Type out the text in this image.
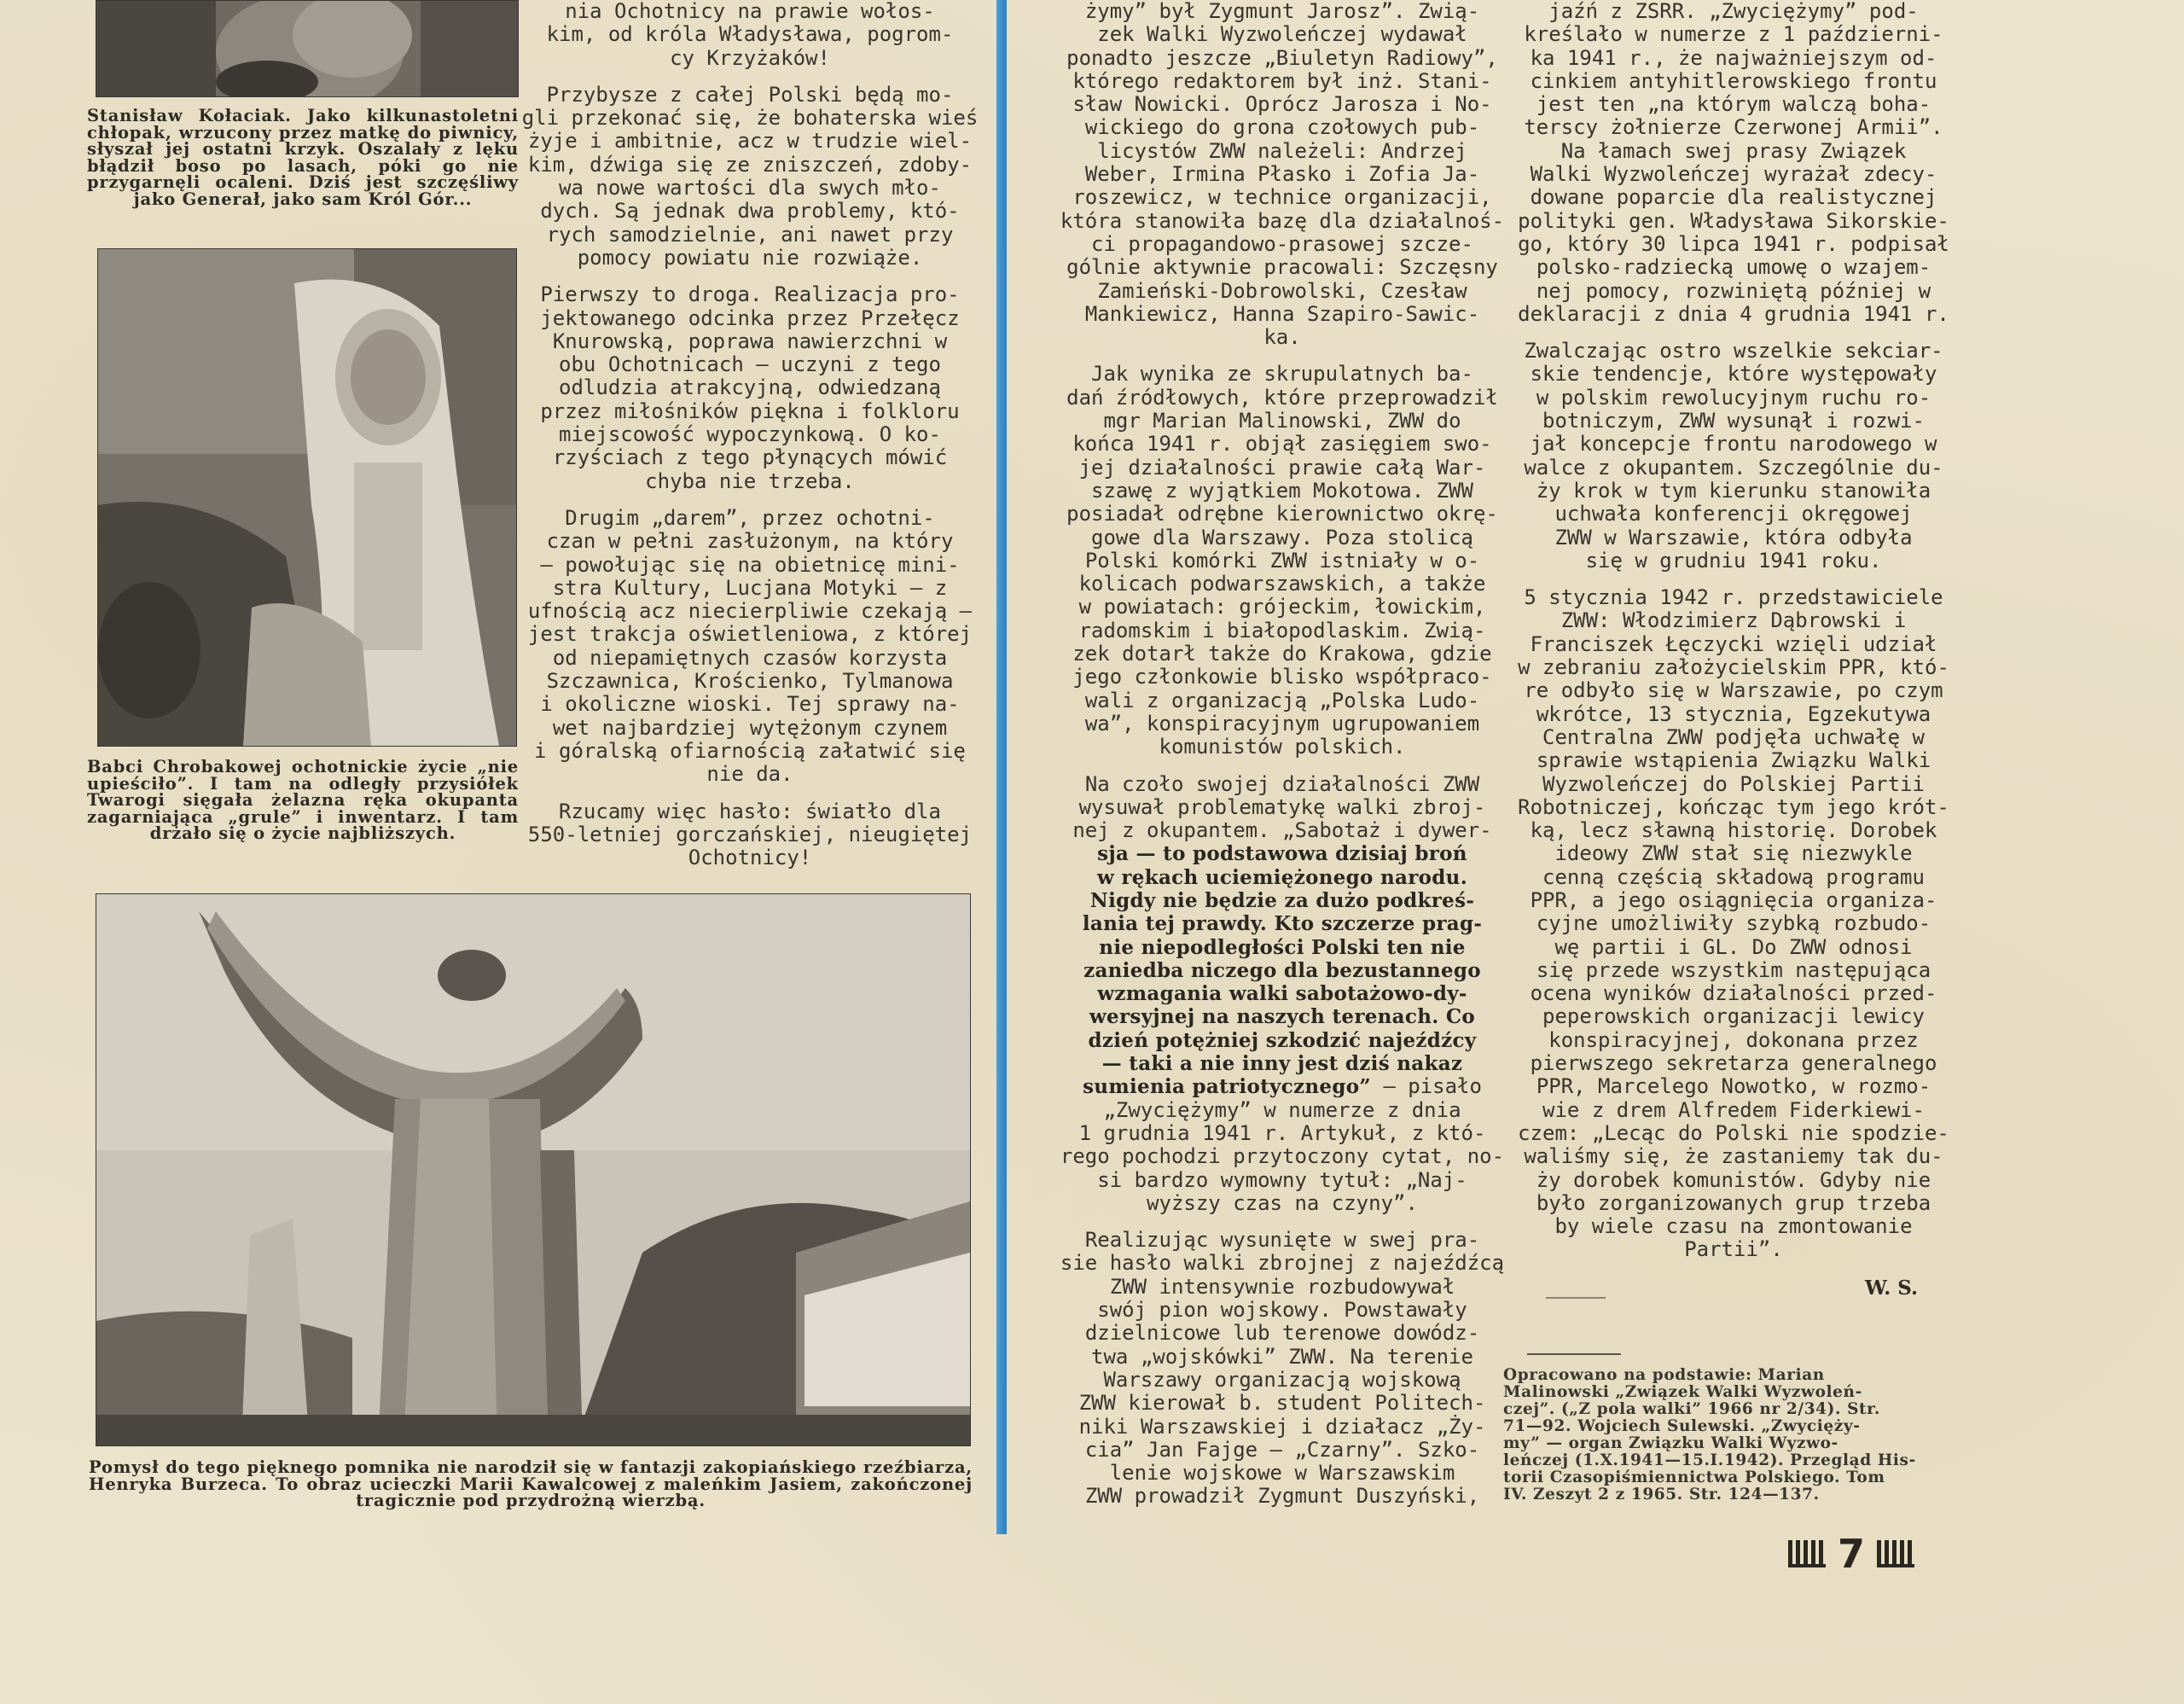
Stanisław Kołaciak. Jako kilkunastoletni chłopak, wrzucony przez matkę do piwnicy, słyszał jej ostatni krzyk. Oszalały z lęku błądził boso po lasach, póki go nie przygarnęli ocaleni. Dziś jest szczęśliwy jako Generał, jako sam Król Gór...
Babci Chrobakowej ochotnickie życie „nie upieściło”. I tam na odległy przysiółek Twarogi sięgała żelazna ręka okupanta zagarniająca „grule” i inwentarz. I tam drżało się o życie najbliższych.
Pomysł do tego pięknego pomnika nie narodził się w fantazji zakopiańskiego rzeźbiarza, Henryka Burzeca. To obraz ucieczki Marii Kawalcowej z maleńkim Jasiem, zakończonej tragicznie pod przydrożną wierzbą.

nia Ochotnicy na prawie wołos-
kim, od króla Władysława, pogrom-
cy Krzyżaków!

Przybysze z całej Polski będą mo-
gli przekonać się, że bohaterska wieś
żyje i ambitnie, acz w trudzie wiel-
kim, dźwiga się ze zniszczeń, zdoby-
wa nowe wartości dla swych mło-
dych. Są jednak dwa problemy, któ-
rych samodzielnie, ani nawet przy
pomocy powiatu nie rozwiąże.

Pierwszy to droga. Realizacja pro-
jektowanego odcinka przez Przełęcz
Knurowską, poprawa nawierzchni w
obu Ochotnicach — uczyni z tego
odludzia atrakcyjną, odwiedzaną
przez miłośników piękna i folkloru
miejscowość wypoczynkową. O ko-
rzyściach z tego płynących mówić
chyba nie trzeba.

Drugim „darem”, przez ochotni-
czan w pełni zasłużonym, na który
— powołując się na obietnicę mini-
stra Kultury, Lucjana Motyki — z
ufnością acz niecierpliwie czekają —
jest trakcja oświetleniowa, z której
od niepamiętnych czasów korzysta
Szczawnica, Krościenko, Tylmanowa
i okoliczne wioski. Tej sprawy na-
wet najbardziej wytężonym czynem
i góralską ofiarnością załatwić się
nie da.

Rzucamy więc hasło: światło dla
550-letniej gorczańskiej, nieugiętej
Ochotnicy!

żymy” był Zygmunt Jarosz”. Zwią-
zek Walki Wyzwoleńczej wydawał
ponadto jeszcze „Biuletyn Radiowy”,
którego redaktorem był inż. Stani-
sław Nowicki. Oprócz Jarosza i No-
wickiego do grona czołowych pub-
licystów ZWW należeli: Andrzej
Weber, Irmina Płasko i Zofia Ja-
roszewicz, w technice organizacji,
która stanowiła bazę dla działalnoś-
ci propagandowo-prasowej szcze-
gólnie aktywnie pracowali: Szczęsny
Zamieński-Dobrowolski, Czesław
Mankiewicz, Hanna Szapiro-Sawic-
ka.
Jak wynika ze skrupulatnych ba-
dań źródłowych, które przeprowadził
mgr Marian Malinowski, ZWW do
końca 1941 r. objął zasięgiem swo-
jej działalności prawie całą War-
szawę z wyjątkiem Mokotowa. ZWW
posiadał odrębne kierownictwo okrę-
gowe dla Warszawy. Poza stolicą
Polski komórki ZWW istniały w o-
kolicach podwarszawskich, a także
w powiatach: grójeckim, łowickim,
radomskim i białopodlaskim. Zwią-
zek dotarł także do Krakowa, gdzie
jego członkowie blisko współpraco-
wali z organizacją „Polska Ludo-
wa”, konspiracyjnym ugrupowaniem
komunistów polskich.
Na czoło swojej działalności ZWW
wysuwał problematykę walki zbroj-
nej z okupantem. „Sabotaż i dywer-
sja — to podstawowa dzisiaj broń
w rękach uciemiężonego narodu.
Nigdy nie będzie za dużo podkreś-
lania tej prawdy. Kto szczerze prag-
nie niepodległości Polski ten nie
zaniedba niczego dla bezustannego
wzmagania walki sabotażowo-dy-
wersyjnej na naszych terenach. Co
dzień potężniej szkodzić najeźdźcy
— taki a nie inny jest dziś nakaz
sumienia patriotycznego” — pisało
„Zwyciężymy” w numerze z dnia
1 grudnia 1941 r. Artykuł, z któ-
rego pochodzi przytoczony cytat, no-
si bardzo wymowny tytuł: „Naj-
wyższy czas na czyny”.
Realizując wysunięte w swej pra-
sie hasło walki zbrojnej z najeźdźcą
ZWW intensywnie rozbudowywał
swój pion wojskowy. Powstawały
dzielnicowe lub terenowe dowódz-
twa „wojskówki” ZWW. Na terenie
Warszawy organizacją wojskową
ZWW kierował b. student Politech-
niki Warszawskiej i działacz „Ży-
cia” Jan Fajge — „Czarny”. Szko-
lenie wojskowe w Warszawskim
ZWW prowadził Zygmunt Duszyński,
jaźń z ZSRR. „Zwyciężymy” pod-
kreślało w numerze z 1 październi-
ka 1941 r., że najważniejszym od-
cinkiem antyhitlerowskiego frontu
jest ten „na którym walczą boha-
terscy żołnierze Czerwonej Armii”.
Na łamach swej prasy Związek
Walki Wyzwoleńczej wyrażał zdecy-
dowane poparcie dla realistycznej
polityki gen. Władysława Sikorskie-
go, który 30 lipca 1941 r. podpisał
polsko-radziecką umowę o wzajem-
nej pomocy, rozwiniętą później w
deklaracji z dnia 4 grudnia 1941 r.
Zwalczając ostro wszelkie sekciar-
skie tendencje, które występowały
w polskim rewolucyjnym ruchu ro-
botniczym, ZWW wysunął i rozwi-
jał koncepcje frontu narodowego w
walce z okupantem. Szczególnie du-
ży krok w tym kierunku stanowiła
uchwała konferencji okręgowej
ZWW w Warszawie, która odbyła
się w grudniu 1941 roku.
5 stycznia 1942 r. przedstawiciele
ZWW: Włodzimierz Dąbrowski i
Franciszek Łęczycki wzięli udział
w zebraniu założycielskim PPR, któ-
re odbyło się w Warszawie, po czym
wkrótce, 13 stycznia, Egzekutywa
Centralna ZWW podjęła uchwałę w
sprawie wstąpienia Związku Walki
Wyzwoleńczej do Polskiej Partii
Robotniczej, kończąc tym jego krót-
ką, lecz sławną historię. Dorobek
ideowy ZWW stał się niezwykle
cenną częścią składową programu
PPR, a jego osiągnięcia organiza-
cyjne umożliwiły szybką rozbudo-
wę partii i GL. Do ZWW odnosi
się przede wszystkim następująca
ocena wyników działalności przed-
peperowskich organizacji lewicy
konspiracyjnej, dokonana przez
pierwszego sekretarza generalnego
PPR, Marcelego Nowotko, w rozmo-
wie z drem Alfredem Fiderkiewi-
czem: „Lecąc do Polski nie spodzie-
waliśmy się, że zastaniemy tak du-
ży dorobek komunistów. Gdyby nie
było zorganizowanych grup trzeba
by wiele czasu na zmontowanie
Partii”.
W. S.
Opracowano na podstawie: Marian
Malinowski „Związek Walki Wyzwoleń-
czej”. („Z pola walki” 1966 nr 2/34). Str.
71—92. Wojciech Sulewski. „Zwycięży-
my” — organ Związku Walki Wyzwo-
leńczej (1.X.1941—15.I.1942). Przegląd His-
torii Czasopiśmiennictwa Polskiego. Tom
IV. Zeszyt 2 z 1965. Str. 124—137.
7
